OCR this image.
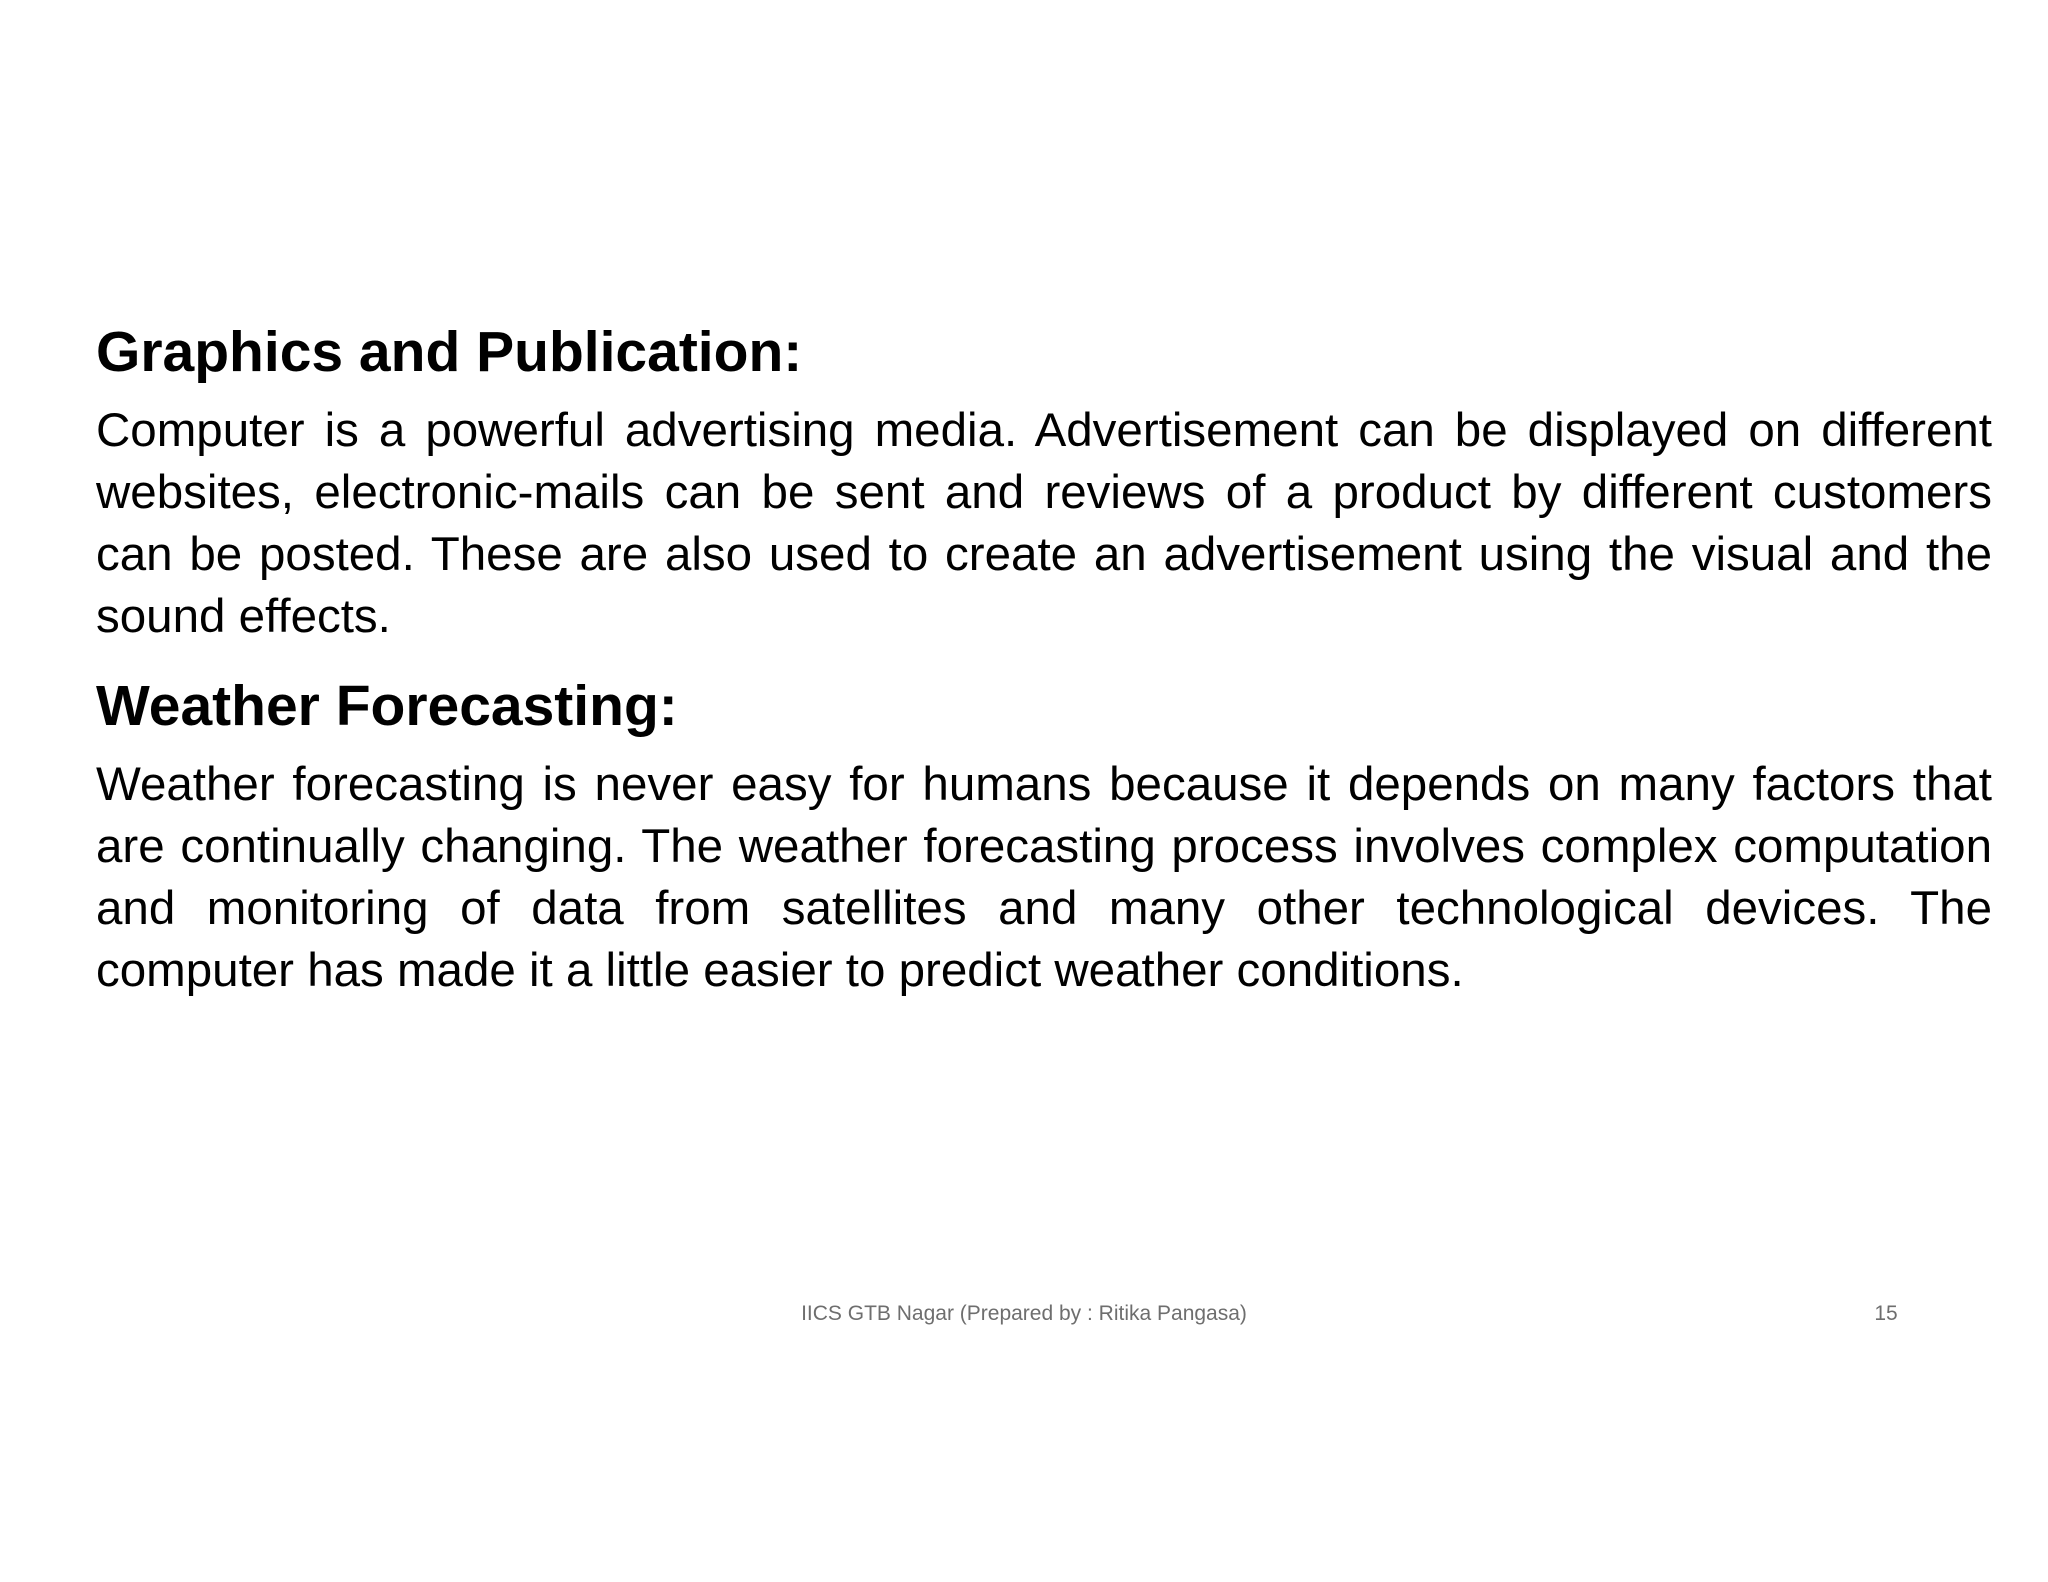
Graphics and Publication:

Computer is a powerful advertising media. Advertisement can be displayed on different websites, electronic-mails can be sent and reviews of a product by different customers can be posted. These are also used to create an advertisement using the visual and the sound effects.

Weather Forecasting:

Weather forecasting is never easy for humans because it depends on many factors that are continually changing. The weather forecasting process involves complex computation and monitoring of data from satellites and many other technological devices. The computer has made it a little easier to predict weather conditions.

IICS GTB Nagar (Prepared by : Ritika Pangasa)	15
